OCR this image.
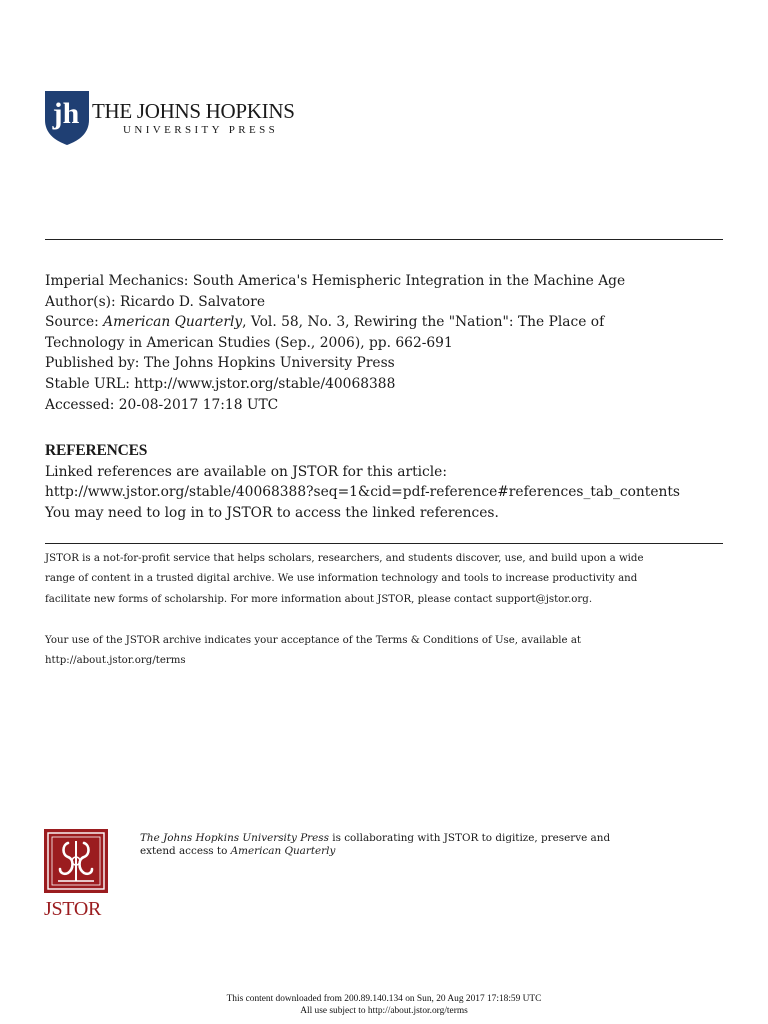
jh THE JOHNS HOPKINS
UNIVERSITY PRESS
Imperial Mechanics: South America's Hemispheric Integration in the Machine Age
Author(s): Ricardo D. Salvatore
Source: American Quarterly, Vol. 58, No. 3, Rewiring the "Nation": The Place of
Technology in American Studies (Sep., 2006), pp. 662-691
Published by: The Johns Hopkins University Press
Stable URL: http://www.jstor.org/stable/40068388
Accessed: 20-08-2017 17:18 UTC
REFERENCES
Linked references are available on JSTOR for this article:
http://www.jstor.org/stable/40068388?seq=1&cid=pdf-reference#references_tab_contents
You may need to log in to JSTOR to access the linked references.
JSTOR is a not-for-profit service that helps scholars, researchers, and students discover, use, and build upon a wide
range of content in a trusted digital archive. We use information technology and tools to increase productivity and
facilitate new forms of scholarship. For more information about JSTOR, please contact support@jstor.org.
Your use of the JSTOR archive indicates your acceptance of the Terms & Conditions of Use, available at
http://about.jstor.org/terms
JSTOR
The Johns Hopkins University Press is collaborating with JSTOR to digitize, preserve and
extend access to American Quarterly
This content downloaded from 200.89.140.134 on Sun, 20 Aug 2017 17:18:59 UTC
All use subject to http://about.jstor.org/terms
